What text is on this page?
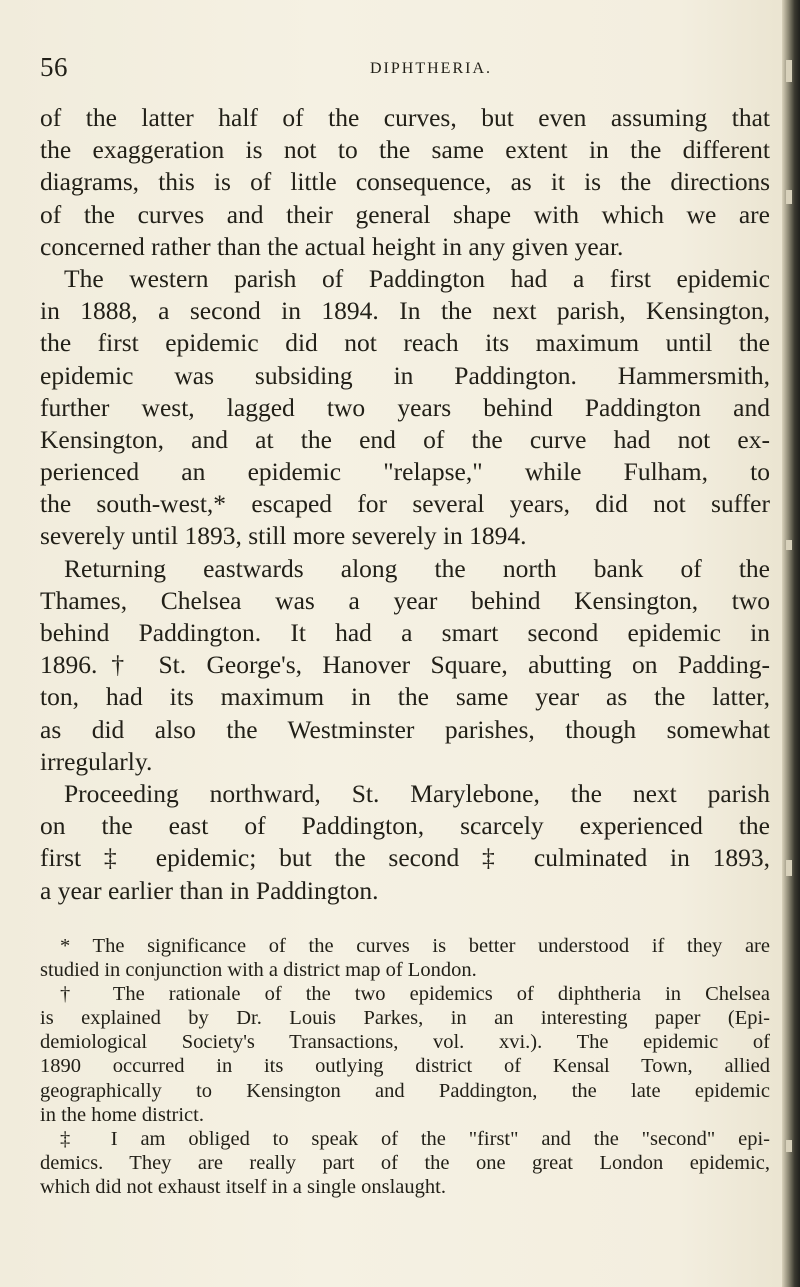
56	DIPHTHERIA.
of the latter half of the curves, but even assuming that
the exaggeration is not to the same extent in the different
diagrams, this is of little consequence, as it is the directions
of the curves and their general shape with which we are
concerned rather than the actual height in any given year.
The western parish of Paddington had a first epidemic
in 1888, a second in 1894. In the next parish, Kensington,
the first epidemic did not reach its maximum until the
epidemic was subsiding in Paddington. Hammersmith,
further west, lagged two years behind Paddington and
Kensington, and at the end of the curve had not ex-
perienced an epidemic "relapse," while Fulham, to
the south-west,* escaped for several years, did not suffer
severely until 1893, still more severely in 1894.
Returning eastwards along the north bank of the
Thames, Chelsea was a year behind Kensington, two
behind Paddington. It had a smart second epidemic in
1896.† St. George's, Hanover Square, abutting on Padding-
ton, had its maximum in the same year as the latter,
as did also the Westminster parishes, though somewhat
irregularly.
Proceeding northward, St. Marylebone, the next parish
on the east of Paddington, scarcely experienced the
first ‡ epidemic; but the second ‡ culminated in 1893,
a year earlier than in Paddington.
* The significance of the curves is better understood if they are
studied in conjunction with a district map of London.
† The rationale of the two epidemics of diphtheria in Chelsea
is explained by Dr. Louis Parkes, in an interesting paper (Epi-
demiological Society's Transactions, vol. xvi.). The epidemic of
1890 occurred in its outlying district of Kensal Town, allied
geographically to Kensington and Paddington, the late epidemic
in the home district.
‡ I am obliged to speak of the "first" and the "second" epi-
demics. They are really part of the one great London epidemic,
which did not exhaust itself in a single onslaught.
